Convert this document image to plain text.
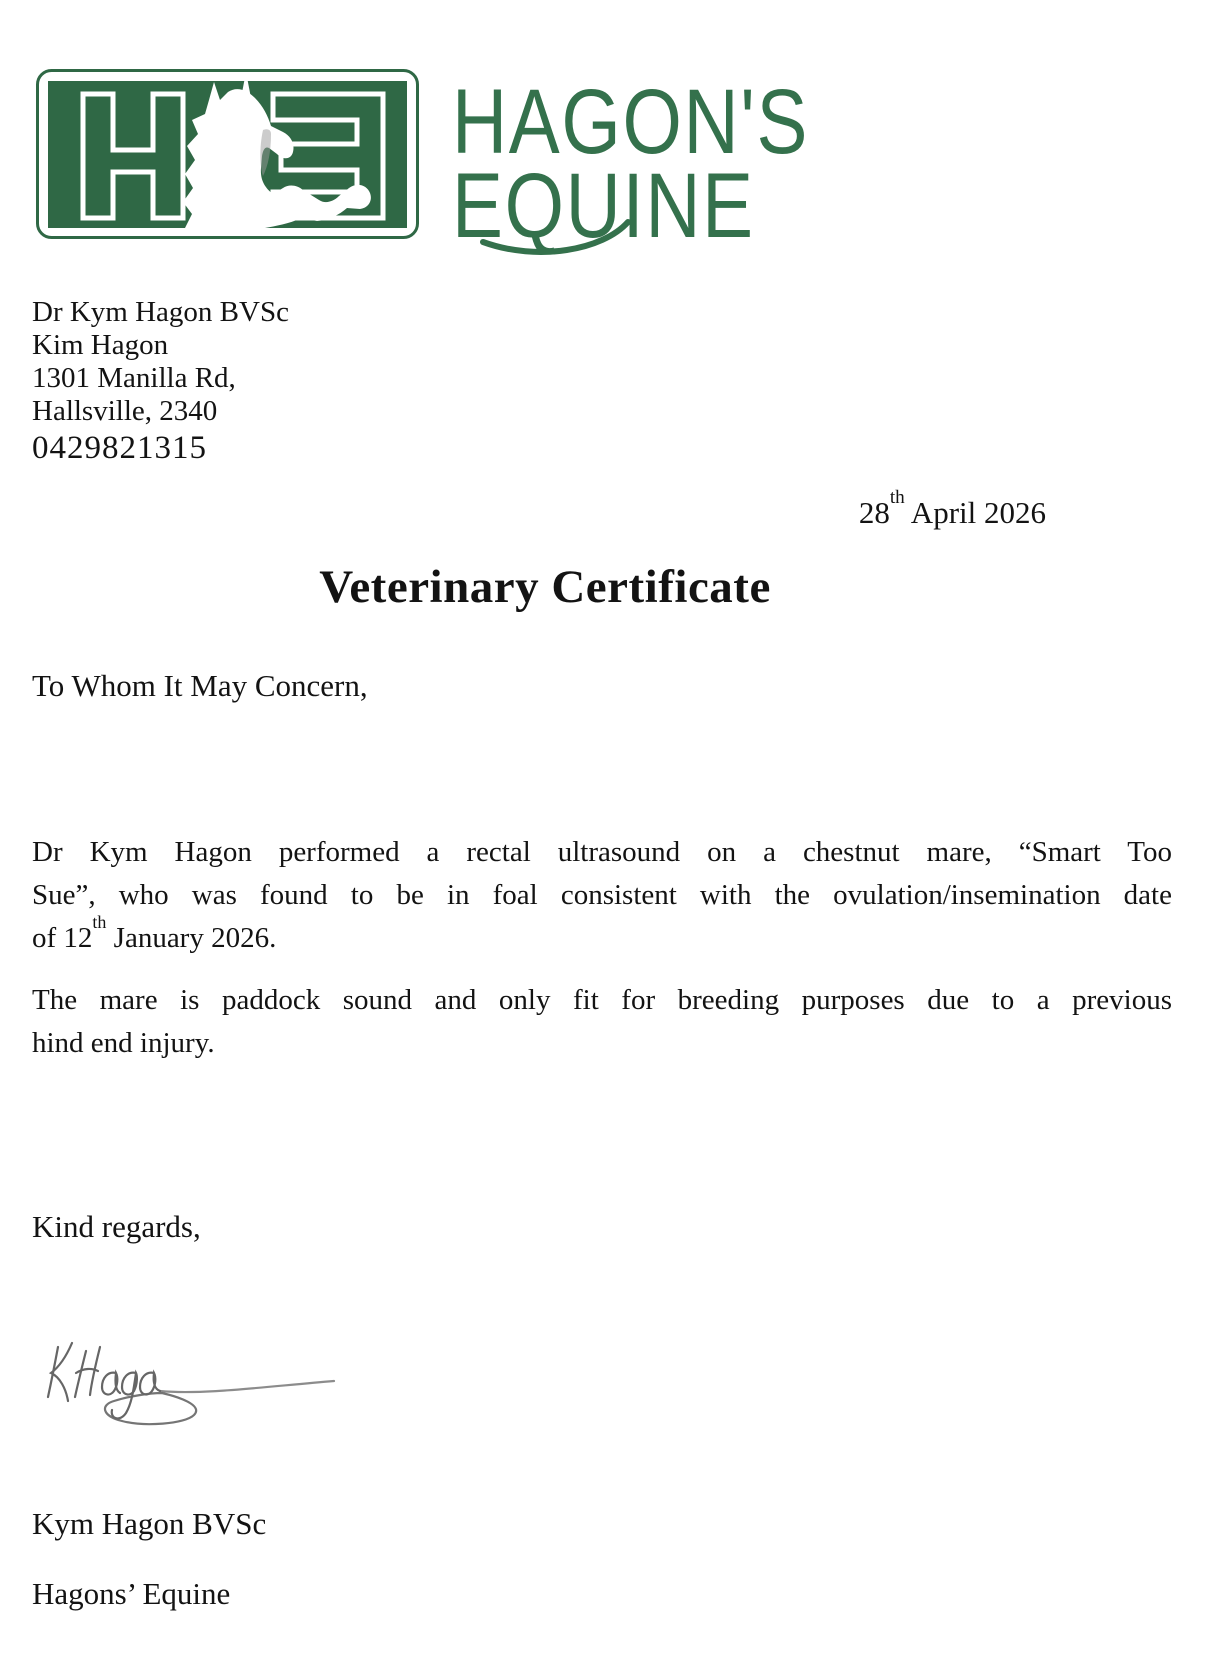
HAGON'S
EQUINE
Dr Kym Hagon BVSc
Kim Hagon
1301 Manilla Rd,
Hallsville, 2340
0429821315
28th April 2026
Veterinary Certificate
To Whom It May Concern,
Dr Kym Hagon performed a rectal ultrasound on a chestnut mare, “Smart Too
Sue”, who was found to be in foal consistent with the ovulation/insemination date
of 12th January 2026.
The mare is paddock sound and only fit for breeding purposes due to a previous
hind end injury.
Kind regards,
Kym Hagon BVSc
Hagons’ Equine
